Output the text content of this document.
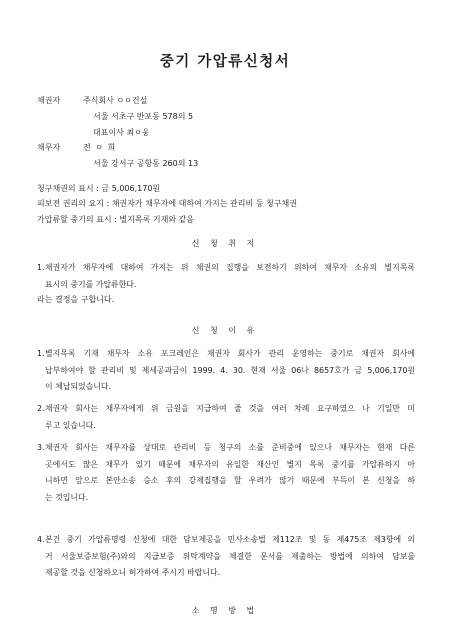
중기 가압류신청서
채권자	주식회사 ㅇㅇ건설
서울 서초구 반포동 578의 5
대표이사 최ㅇ웅
채무자	전 ㅇ 희
서울 강서구 공항동 260의 13
청구채권의 표시 : 금 5,006,170원
피보전 권리의 요지 : 채권자가 채무자에 대하여 가지는 관리비 등 청구채권
가압류할 중기의 표시 : 별지목록 기재와 같음
신 청 취 지
1.채권자가 채무자에 대하여 가지는 위 채권의 집행을 보전하기 위하여 채무자 소유의 별지목록
표시의 중기를 가압류한다.
라는 결정을 구합니다.
신 청 이 유
1.별지목록 기재 채무자 소유 포크레인은 채권자 회사가 관리 운영하는 중기로 채권자 회사에
납부하여야 할 관리비 및 제세공과금이 1999. 4. 30. 현재 서울 06나 8657호가 금 5,006,170원
이 체납되었습니다.
2.채권자 회사는 채무자에게 위 금원을 지급하여 줄 것을 여러 차례 요구하였으 나 기일만 미
루고 있습니다.
3.채권자 회사는 채무자를 상대로 관리비 등 청구의 소를 준비중에 있으나 채무자는 현재 다른
곳에서도 많은 채무가 있기 때문에 채무자의 유일한 재산인 별지 목록 중기를 가압류하지 아
니하면 앞으로 본안소송 승소 후의 강제집행을 할 우려가 많기 때문에 부득이 본 신청을 하
는 것입니다.
4.본건 중기 가압류명령 신청에 대한 담보제공을 민사소송법 제112조 및 동 제475조 제3항에 의
거 서울보증보험(주)와의 지급보증 위탁계약을 체결한 문서를 제출하는 방법에 의하여 담보를
제공할 것을 신청하오니 허가하여 주시기 바랍니다.
소 명 방 법
